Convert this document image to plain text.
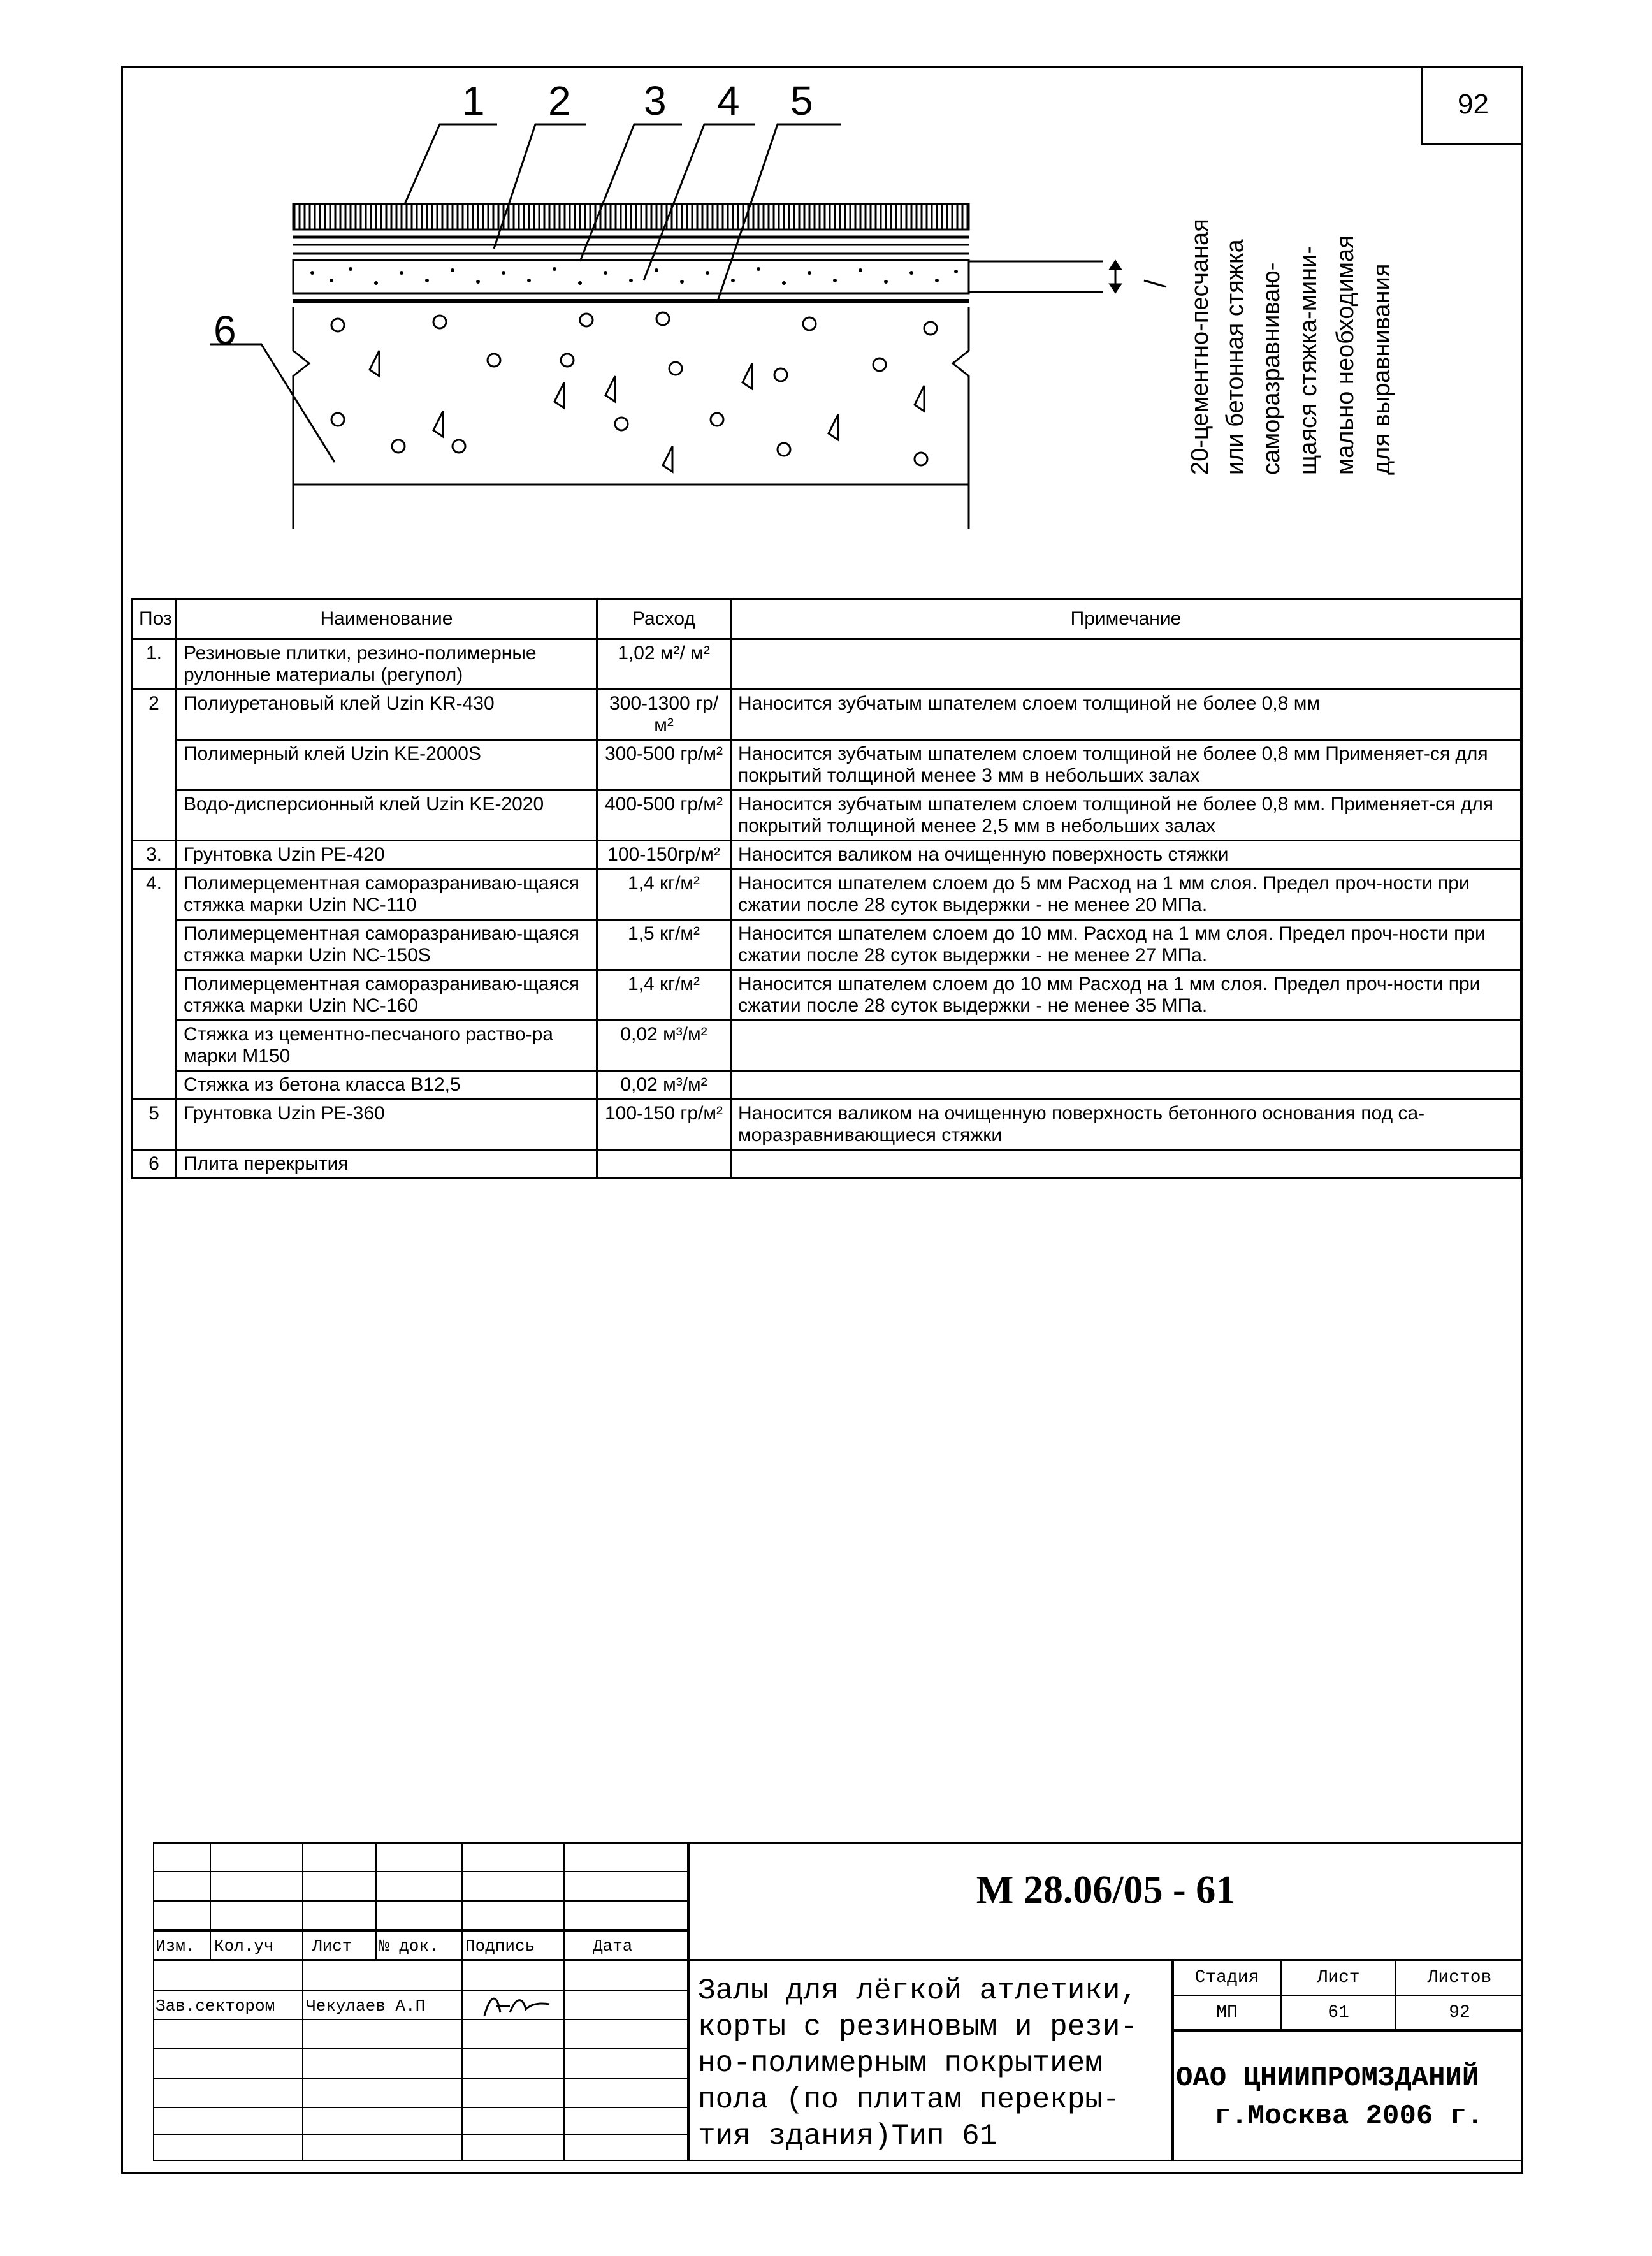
92
1 2 3 4 5
6	20-цементно-песчаная или бетонная стяжка саморазравниваю- щаяся стяжка-мини- мально необходимая для выравнивания
Поз	Наименование	Расход	Примечание
1.	Резиновые плитки, резино-полимерные рулонные материалы (регупол)	1,02 м²/ м²	
2	Полиуретановый клей Uzin KR-430	300-1300 гр/м²	Наносится зубчатым шпателем слоем толщиной не более 0,8 мм
	Полимерный клей Uzin KE-2000S	300-500 гр/м²	Наносится зубчатым шпателем слоем толщиной не более 0,8 мм Применяет-ся для покрытий толщиной менее 3 мм в небольших залах
	Водо-дисперсионный клей Uzin KE-2020	400-500 гр/м²	Наносится зубчатым шпателем слоем толщиной не более 0,8 мм. Применяет-ся для покрытий толщиной менее 2,5 мм в небольших залах
3.	Грунтовка Uzin PE-420	100-150гр/м²	Наносится валиком на очищенную поверхность стяжки
4.	Полимерцементная саморазраниваю-щаяся стяжка марки Uzin NC-110	1,4 кг/м²	Наносится шпателем слоем до 5 мм Расход на 1 мм слоя. Предел проч-ности при сжатии после 28 суток выдержки - не менее 20 МПа.
	Полимерцементная саморазраниваю-щаяся стяжка марки Uzin NC-150S	1,5 кг/м²	Наносится шпателем слоем до 10 мм. Расход на 1 мм слоя. Предел проч-ности при сжатии после 28 суток выдержки - не менее 27 МПа.
	Полимерцементная саморазраниваю-щаяся стяжка марки Uzin NC-160	1,4 кг/м²	Наносится шпателем слоем до 10 мм Расход на 1 мм слоя. Предел проч-ности при сжатии после 28 суток выдержки - не менее 35 МПа.
	Стяжка из цементно-песчаного раство-ра марки М150	0,02 м³/м²	
	Стяжка из бетона класса В12,5	0,02 м³/м²	
5	Грунтовка Uzin PE-360	100-150 гр/м²	Наносится валиком на очищенную поверхность бетонного основания под са-моразравнивающиеся стяжки
6	Плита перекрытия		
Изм. Кол.уч Лист № док. Подпись	Дата
Зав.сектором Чекулаев А.П
М 28.06/05 - 61
Залы для лёгкой атлетики,
корты с резиновым и рези-
но-полимерным покрытием
пола (по плитам перекры-
тия здания)Тип 61
Стадия	Лист	Листов
МП	61	92
ОАО ЦНИИПРОМЗДАНИЙ
г.Москва 2006 г.
